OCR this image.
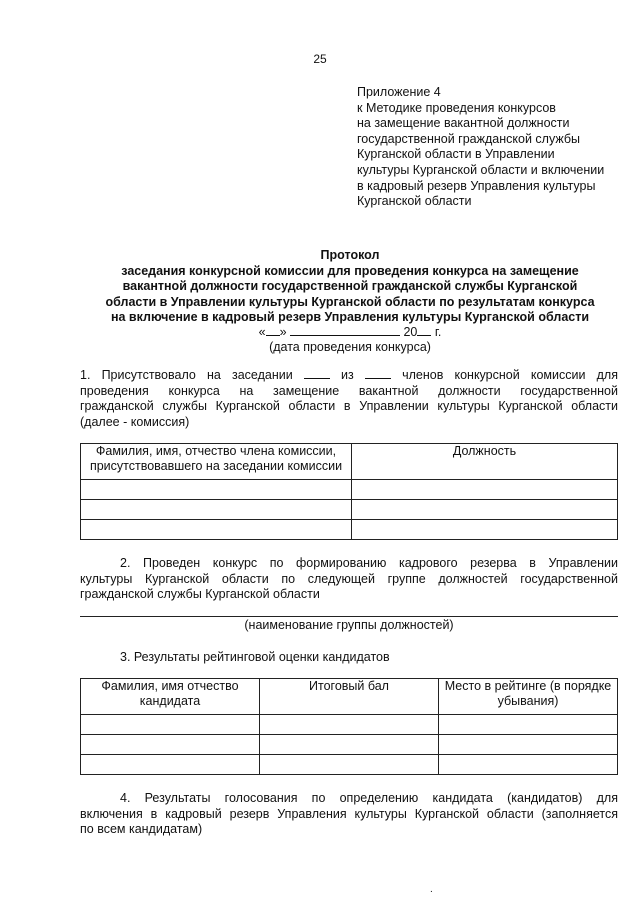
25
Приложение 4
к Методике проведения конкурсов
на замещение вакантной должности
государственной гражданской службы
Курганской области в Управлении
культуры Курганской области и включении
в кадровый резерв Управления культуры
Курганской области
Протокол
заседания конкурсной комиссии для проведения конкурса на замещение
вакантной должности государственной гражданской службы Курганской
области в Управлении культуры Курганской области по результатам конкурса
на включение в кадровый резерв Управления культуры Курганской области
« »	20 г.
(дата проведения конкурса)
1. Присутствовало на заседании	из	членов конкурсной комиссии для
проведения конкурса на замещение вакантной должности государственной
гражданской службы Курганской области в Управлении культуры Курганской области
(далее - комиссия)
Фамилия, имя, отчество члена комиссии, присутствовавшего на заседании комиссии	Должность

2. Проведен конкурс по формированию кадрового резерва в Управлении
культуры Курганской области по следующей группе должностей государственной
гражданской службы Курганской области
(наименование группы должностей)
3. Результаты рейтинговой оценки кандидатов
Фамилия, имя отчество кандидата	Итоговый бал	Место в рейтинге (в порядке убывания)

4. Результаты голосования по определению кандидата (кандидатов) для
включения в кадровый резерв Управления культуры Курганской области (заполняется
по всем кандидатам)
.
